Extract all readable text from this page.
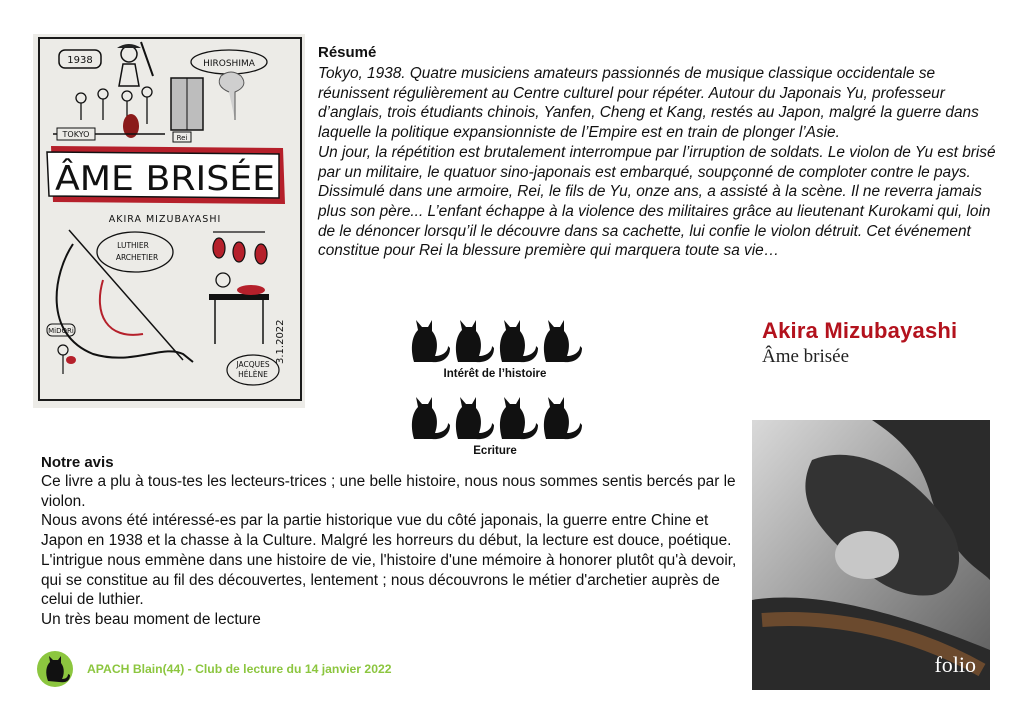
1938	HIROSHIMA
TOKYO	Rei
ÂME BRISÉE
AKIRA MIZUBAYASHI
LUTHIER
ARCHETIER
MiDORi	3.1.2022
JACQUES
HÉLÈNE
Résumé

Tokyo, 1938. Quatre musiciens amateurs passionnés de musique classique occidentale se réunissent régulièrement au Centre culturel pour répéter. Autour du Japonais Yu, professeur d’anglais, trois étudiants chinois, Yanfen, Cheng et Kang, restés au Japon, malgré la guerre dans laquelle la politique expansionniste de l’Empire est en train de plonger l’Asie.

Un jour, la répétition est brutalement interrompue par l’irruption de soldats. Le violon de Yu est brisé par un militaire, le quatuor sino-japonais est embarqué, soupçonné de comploter contre le pays. Dissimulé dans une armoire, Rei, le fils de Yu, onze ans, a assisté à la scène. Il ne reverra jamais plus son père... L’enfant échappe à la violence des militaires grâce au lieutenant Kurokami qui, loin de le dénoncer lorsqu’il le découvre dans sa cachette, lui confie le violon détruit. Cet événement constitue pour Rei la blessure première qui marquera toute sa vie…

Intérêt de l’histoire
Ecriture
Akira Mizubayashi
Âme brisée
folio
Notre avis

Ce livre a plu à tous-tes les lecteurs-trices ; une belle histoire, nous nous sommes sentis bercés par le violon.

Nous avons été intéressé-es par la partie historique vue du côté japonais, la guerre entre Chine et Japon en 1938 et la chasse à la Culture. Malgré les horreurs du début, la lecture est douce, poétique. L'intrigue nous emmène dans une histoire de vie, l'histoire d'une mémoire à honorer plutôt qu'à devoir, qui se constitue au fil des découvertes, lentement ; nous découvrons le métier d'archetier auprès de celui de luthier.

Un très beau moment de lecture

APACH Blain(44) - Club de lecture du 14 janvier 2022
